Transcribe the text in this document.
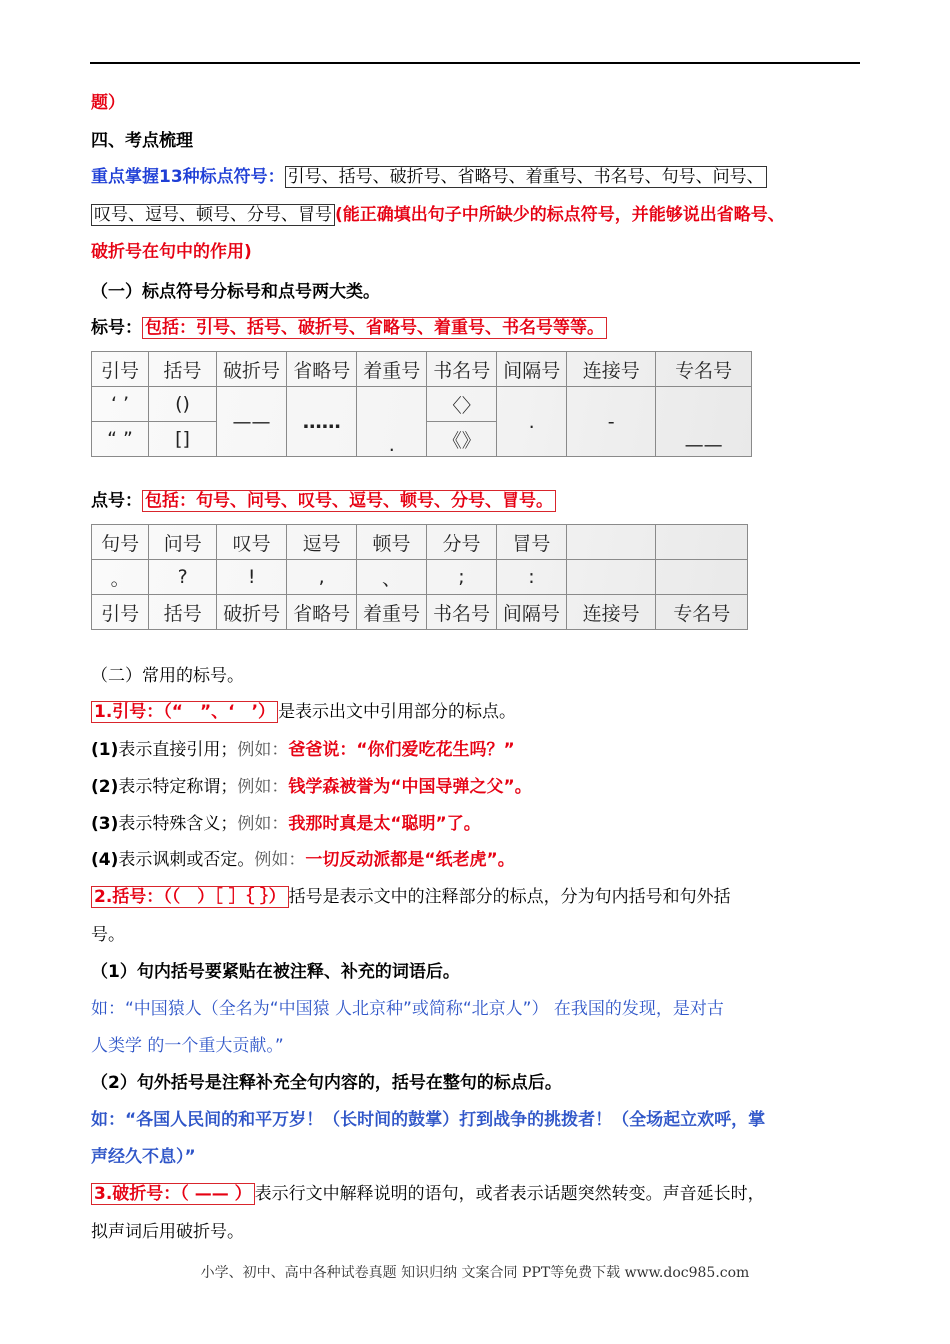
题）
四、考点梳理
重点掌握13种标点符号： 引号、括号、破折号、省略号、着重号、书名号、句号、问号、
叹号、逗号、顿号、分号、冒号 (能正确填出句子中所缺少的标点符号，并能够说出省略号、
破折号在句中的作用)
（一）标点符号分标号和点号两大类。
标号： 包括：引号、括号、破折号、省略号、着重号、书名号等等。
引号	括号	破折号	省略号	着重号	书名号	间隔号	连接号	专名号
‘ ’	()	——	……	.	〈〉	.	-	——
“ ”	[]				《》			
点号： 包括：句号、问号、叹号、逗号、顿号、分号、冒号。
句号	问号	叹号	逗号	顿号	分号	冒号		
。	?	!	,	、	;	:		
引号	括号	破折号	省略号	着重号	书名号	间隔号	连接号	专名号
（二）常用的标号。
1.引号：（“　”、‘　’） 是表示出文中引用部分的标点。
(1)表示直接引用；例如：爸爸说：“你们爱吃花生吗？”
(2)表示特定称谓；例如：钱学森被誉为“中国导弹之父”。
(3)表示特殊含义；例如：我那时真是太“聪明”了。
(4)表示讽刺或否定。例如：一切反动派都是“纸老虎”。
2.括号：（（　）［ ］｛ ｝） 括号是表示文中的注释部分的标点，分为句内括号和句外括
号。
（1）句内括号要紧贴在被注释、补充的词语后。
如：“中国猿人（全名为“中国猿 人北京种”或简称“北京人”） 在我国的发现，是对古
人类学 的一个重大贡献。”
（2）句外括号是注释补充全句内容的，括号在整句的标点后。
如：“各国人民间的和平万岁！（长时间的鼓掌）打到战争的挑拨者！（全场起立欢呼，掌
声经久不息）”
3.破折号：（ —— ） 表示行文中解释说明的语句，或者表示话题突然转变。声音延长时，
拟声词后用破折号。
小学、初中、高中各种试卷真题 知识归纳 文案合同 PPT等免费下载 www.doc985.com
